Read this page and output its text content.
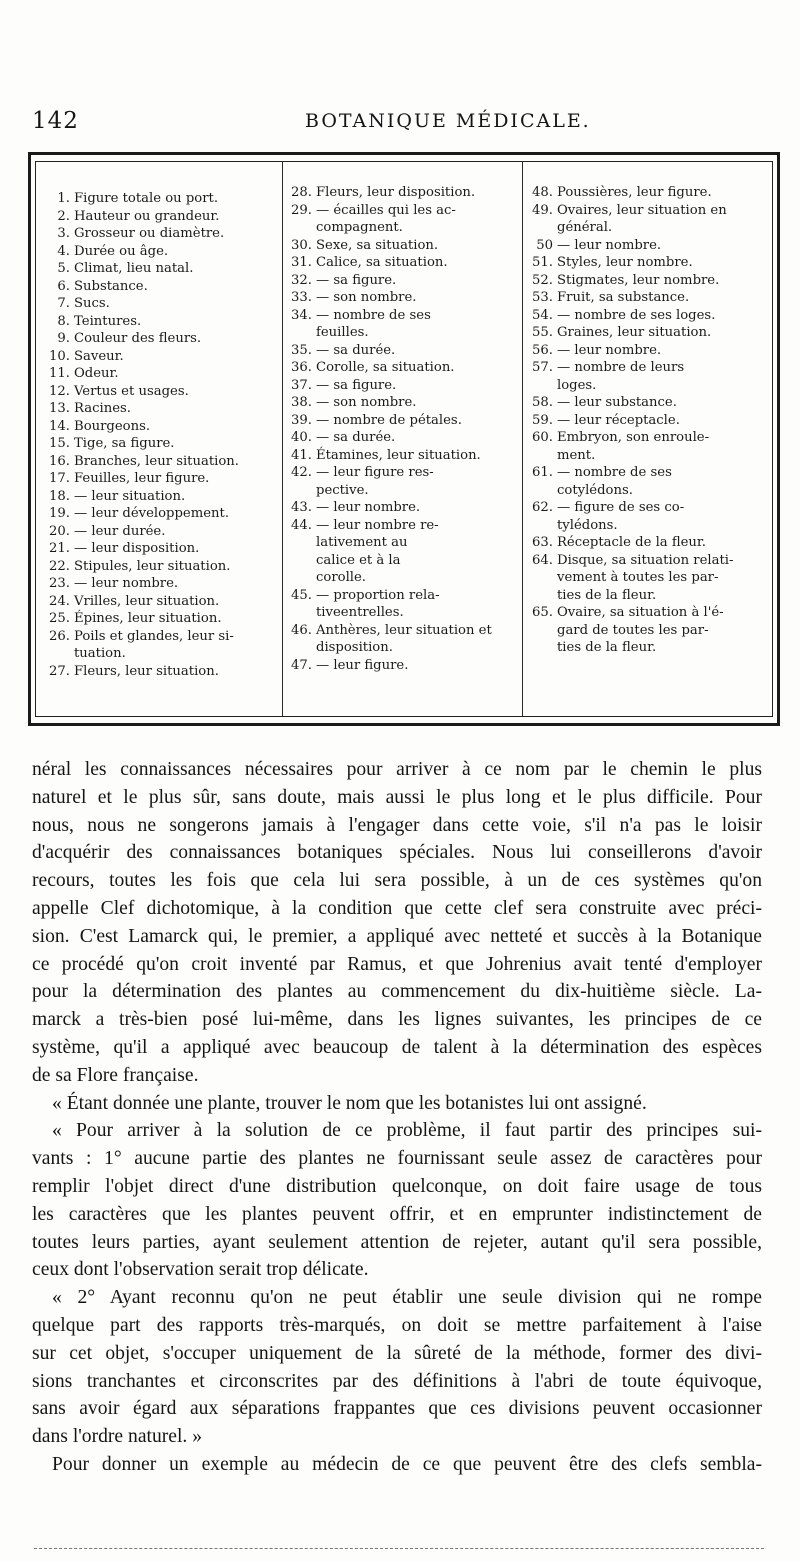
142	BOTANIQUE MÉDICALE.
1. Figure totale ou port.
2. Hauteur ou grandeur.
3. Grosseur ou diamètre.
4. Durée ou âge.
5. Climat, lieu natal.
6. Substance.
7. Sucs.
8. Teintures.
9. Couleur des fleurs.
10. Saveur.
11. Odeur.
12. Vertus et usages.
13. Racines.
14. Bourgeons.
15. Tige, sa figure.
16. Branches, leur situation.
17. Feuilles, leur figure.
18. — leur situation.
19. — leur développement.
20. — leur durée.
21. — leur disposition.
22. Stipules, leur situation.
23. — leur nombre.
24. Vrilles, leur situation.
25. Épines, leur situation.
26. Poils et glandes, leur si-
tuation.
27. Fleurs, leur situation.
28. Fleurs, leur disposition.
29. — écailles qui les ac-
compagnent.
30. Sexe, sa situation.
31. Calice, sa situation.
32. — sa figure.
33. — son nombre.
34. — nombre de ses
feuilles.
35. — sa durée.
36. Corolle, sa situation.
37. — sa figure.
38. — son nombre.
39. — nombre de pétales.
40. — sa durée.
41. Étamines, leur situation.
42. — leur figure res-
pective.
43. — leur nombre.
44. — leur nombre re-
lativement au
calice et à la
corolle.
45. — proportion rela-
tiveentrelles.
46. Anthères, leur situation et
disposition.
47. — leur figure.
48. Poussières, leur figure.
49. Ovaires, leur situation en
général.
50 — leur nombre.
51. Styles, leur nombre.
52. Stigmates, leur nombre.
53. Fruit, sa substance.
54. — nombre de ses loges.
55. Graines, leur situation.
56. — leur nombre.
57. — nombre de leurs
loges.
58. — leur substance.
59. — leur réceptacle.
60. Embryon, son enroule-
ment.
61. — nombre de ses
cotylédons.
62. — figure de ses co-
tylédons.
63. Réceptacle de la fleur.
64. Disque, sa situation relati-
vement à toutes les par-
ties de la fleur.
65. Ovaire, sa situation à l'é-
gard de toutes les par-
ties de la fleur.
néral les connaissances nécessaires pour arriver à ce nom par le chemin le plus
naturel et le plus sûr, sans doute, mais aussi le plus long et le plus difficile. Pour
nous, nous ne songerons jamais à l'engager dans cette voie, s'il n'a pas le loisir
d'acquérir des connaissances botaniques spéciales. Nous lui conseillerons d'avoir
recours, toutes les fois que cela lui sera possible, à un de ces systèmes qu'on
appelle Clef dichotomique, à la condition que cette clef sera construite avec préci-
sion. C'est Lamarck qui, le premier, a appliqué avec netteté et succès à la Botanique
ce procédé qu'on croit inventé par Ramus, et que Johrenius avait tenté d'employer
pour la détermination des plantes au commencement du dix-huitième siècle. La-
marck a très-bien posé lui-même, dans les lignes suivantes, les principes de ce
système, qu'il a appliqué avec beaucoup de talent à la détermination des espèces
de sa Flore française.
« Étant donnée une plante, trouver le nom que les botanistes lui ont assigné.
« Pour arriver à la solution de ce problème, il faut partir des principes sui-
vants : 1° aucune partie des plantes ne fournissant seule assez de caractères pour
remplir l'objet direct d'une distribution quelconque, on doit faire usage de tous
les caractères que les plantes peuvent offrir, et en emprunter indistinctement de
toutes leurs parties, ayant seulement attention de rejeter, autant qu'il sera possible,
ceux dont l'observation serait trop délicate.
« 2° Ayant reconnu qu'on ne peut établir une seule division qui ne rompe
quelque part des rapports très-marqués, on doit se mettre parfaitement à l'aise
sur cet objet, s'occuper uniquement de la sûreté de la méthode, former des divi-
sions tranchantes et circonscrites par des définitions à l'abri de toute équivoque,
sans avoir égard aux séparations frappantes que ces divisions peuvent occasionner
dans l'ordre naturel. »
Pour donner un exemple au médecin de ce que peuvent être des clefs sembla-
